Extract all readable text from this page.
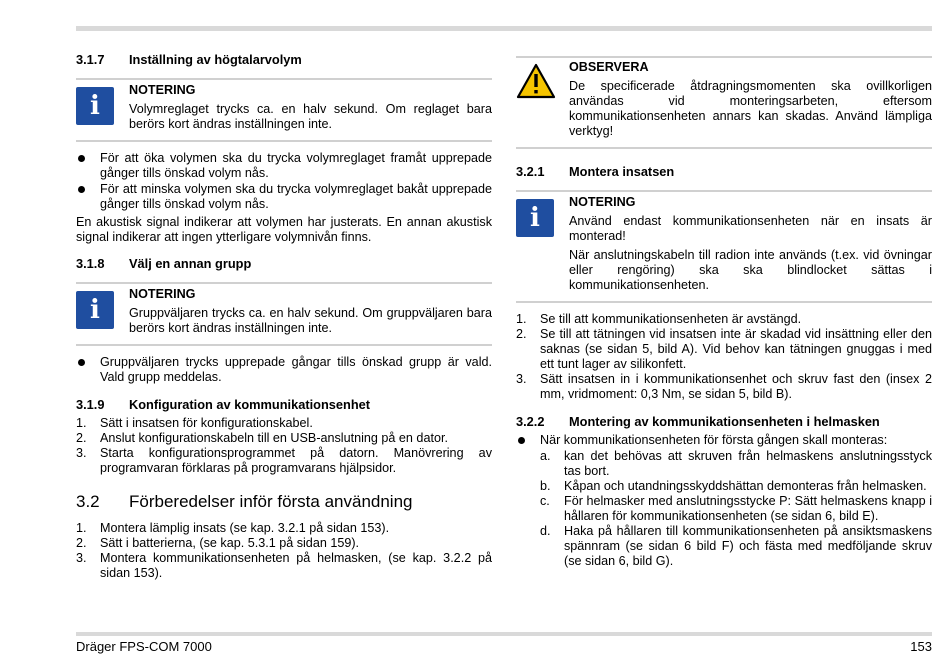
3.1.7	Inställning av högtalarvolym
i
NOTERING

Volymreglaget trycks ca. en halv sekund. Om reglaget bara berörs kort ändras inställningen inte.

För att öka volymen ska du trycka volymreglaget framåt upprepade gånger tills önskad volym nås.
För att minska volymen ska du trycka volymreglaget bakåt upprepade gånger tills önskad volym nås.

En akustisk signal indikerar att volymen har justerats. En annan akustisk signal indikerar att ingen ytterligare volymnivån finns.

3.1.8	Välj en annan grupp
i
NOTERING

Gruppväljaren trycks ca. en halv sekund. Om gruppväljaren bara berörs kort ändras inställningen inte.

Gruppväljaren trycks upprepade gångar tills önskad grupp är vald. Vald grupp meddelas.
3.1.9	Konfiguration av kommunikationsenhet
1.	Sätt i insatsen för konfigurationskabel.
2.	Anslut konfigurationskabeln till en USB-anslutning på en dator.
3.	Starta konfigurationsprogrammet på datorn. Manövrering av programvaran förklaras på programvarans hjälpsidor.
3.2	Förberedelser inför första användning
1.	Montera lämplig insats (se kap. 3.2.1 på sidan 153).
2.	Sätt i batterierna, (se kap. 5.3.1 på sidan 159).
3.	Montera kommunikationsenheten på helmasken, (se kap. 3.2.2 på sidan 153).
OBSERVERA

De specificerade åtdragningsmomenten ska ovillkorligen användas vid monteringsarbeten, eftersom kommunikationsenheten annars kan skadas. Använd lämpliga verktyg!

3.2.1	Montera insatsen
i
NOTERING

Använd endast kommunikationsenheten när en insats är monterad!

När anslutningskabeln till radion inte används (t.ex. vid övningar eller rengöring) ska ska blindlocket sättas i kommunikationsenheten.

1.	Se till att kommunikationsenheten är avstängd.
2.	Se till att tätningen vid insatsen inte är skadad vid insättning eller den saknas (se sidan 5, bild A). Vid behov kan tätningen gnuggas i med ett tunt lager av silikonfett.
3.	Sätt insatsen in i kommunikationsenhet och skruv fast den (insex 2 mm, vridmoment: 0,3 Nm, se sidan 5, bild B).
3.2.2	Montering av kommunikationsenheten i helmasken
När kommunikationsenheten för första gången skall monteras:
a.	kan det behövas att skruven från helmaskens anslutningsstyck tas bort.
b.	Kåpan och utandningsskyddshättan demonteras från helmasken.
c.	För helmasker med anslutningsstycke P: Sätt helmaskens knapp i hållaren för kommunikationsenheten (se sidan 6, bild E).
d.	Haka på hållaren till kommunikationsenheten på ansiktsmaskens spännram (se sidan 6 bild F) och fästa med medföljande skruv (se sidan 6, bild G).
Dräger FPS-COM 7000	153
